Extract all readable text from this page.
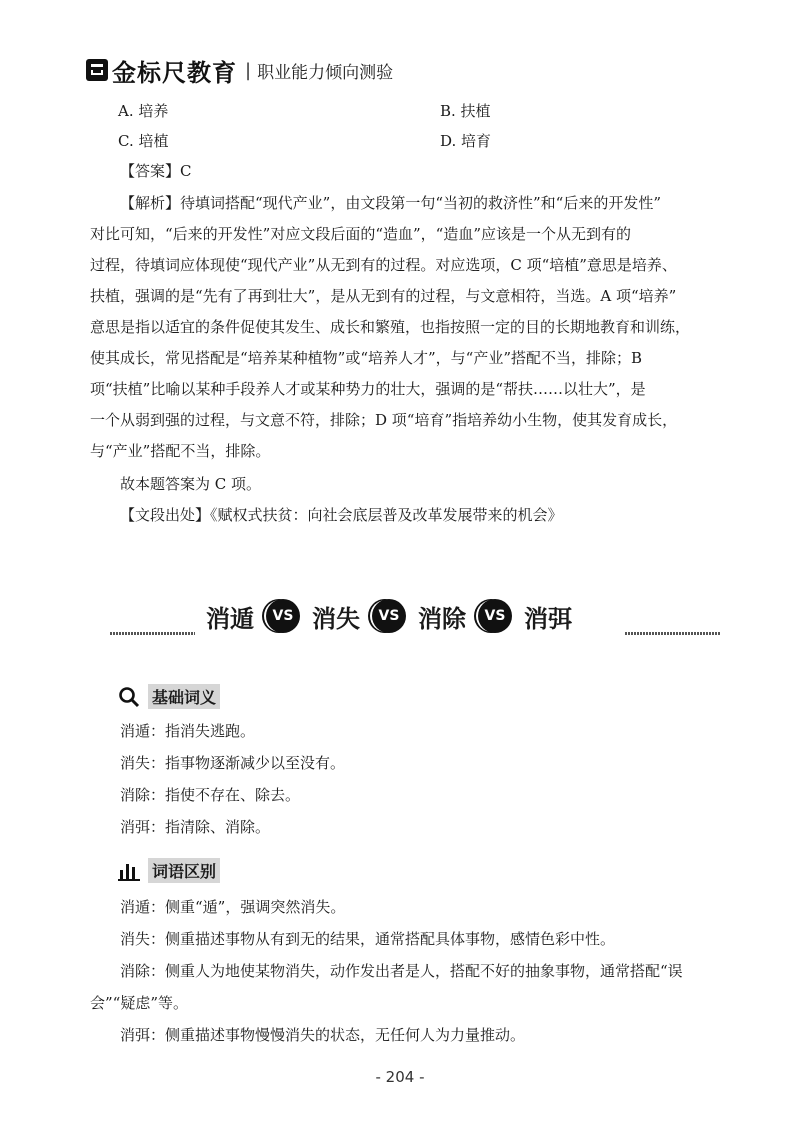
金标尺教育 | 职业能力倾向测验
A. 培养	B. 扶植
C. 培植	D. 培育
【答案】C
【解析】待填词搭配“现代产业”，由文段第一句“当初的救济性”和“后来的开发性”
对比可知，“后来的开发性”对应文段后面的“造血”，“造血”应该是一个从无到有的
过程，待填词应体现使“现代产业”从无到有的过程。对应选项，C 项“培植”意思是培养、
扶植，强调的是“先有了再到壮大”，是从无到有的过程，与文意相符，当选。A 项“培养”
意思是指以适宜的条件促使其发生、成长和繁殖，也指按照一定的目的长期地教育和训练，
使其成长，常见搭配是“培养某种植物”或“培养人才”，与“产业”搭配不当，排除；B
项“扶植”比喻以某种手段养人才或某种势力的壮大，强调的是“帮扶……以壮大”，是
一个从弱到强的过程，与文意不符，排除；D 项“培育”指培养幼小生物，使其发育成长，
与“产业”搭配不当，排除。
故本题答案为 C 项。
【文段出处】《赋权式扶贫：向社会底层普及改革发展带来的机会》
消遁	VS 消失	VS 消除	VS 消弭
基础词义
消遁：指消失逃跑。
消失：指事物逐渐减少以至没有。
消除：指使不存在、除去。
消弭：指清除、消除。
词语区别
消遁：侧重“遁”，强调突然消失。
消失：侧重描述事物从有到无的结果，通常搭配具体事物，感情色彩中性。
消除：侧重人为地使某物消失，动作发出者是人，搭配不好的抽象事物，通常搭配“误
会”“疑虑”等。
消弭：侧重描述事物慢慢消失的状态，无任何人为力量推动。
- 204 -
